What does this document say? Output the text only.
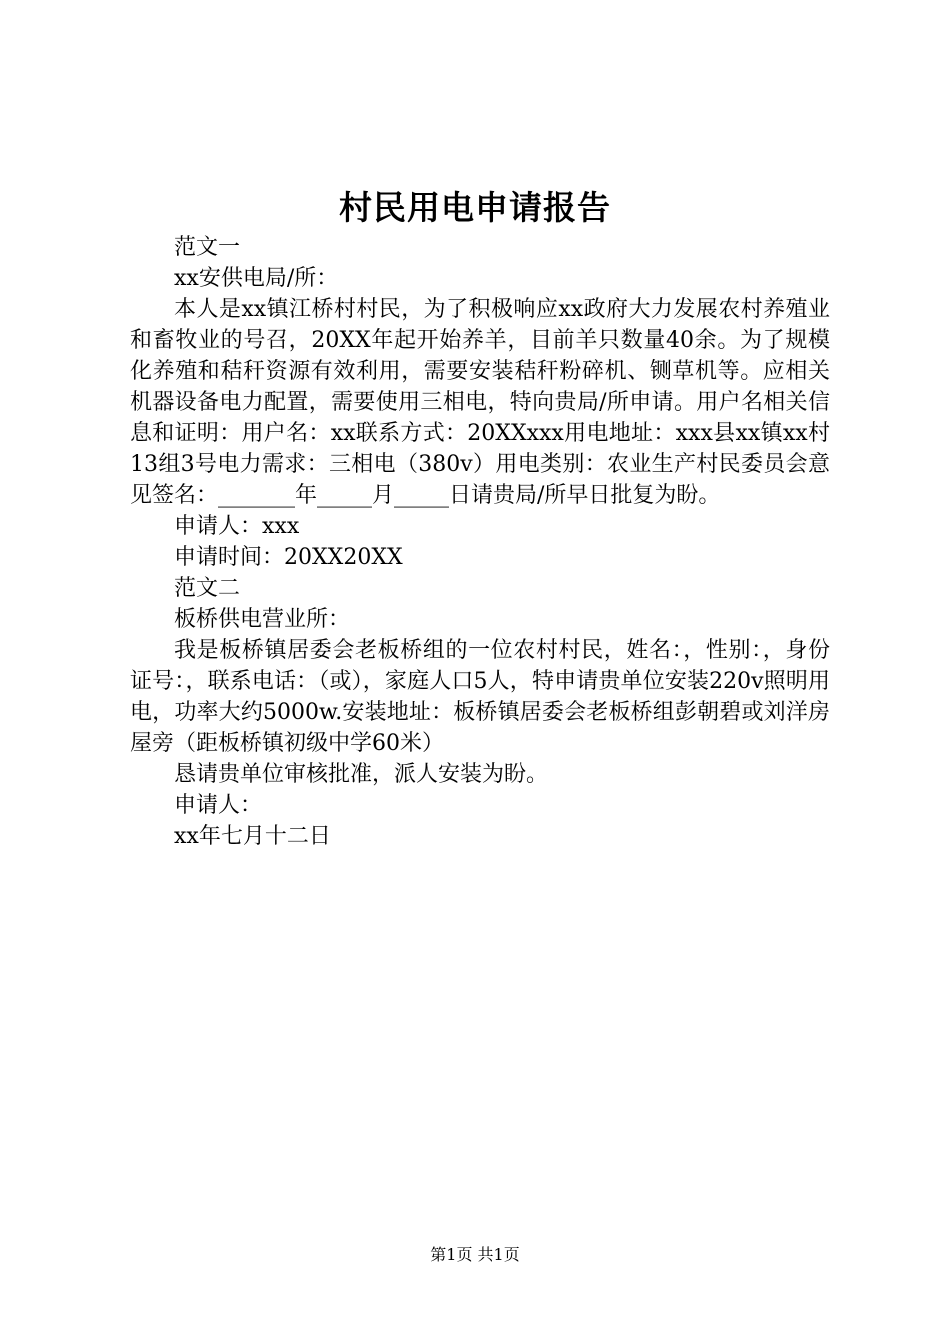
村民用电申请报告

范文一

xx安供电局/所：

本人是xx镇江桥村村民，为了积极响应xx政府大力发展农村养殖业和畜牧业的号召，20XX年起开始养羊，目前羊只数量40余。为了规模化养殖和秸秆资源有效利用，需要安装秸秆粉碎机、铡草机等。应相关机器设备电力配置，需要使用三相电，特向贵局/所申请。用户名相关信息和证明：用户名：xx联系方式：20XXxxx用电地址：xxx县xx镇xx村13组3号电力需求：三相电（380v）用电类别：农业生产村民委员会意见签名：_______年_____月_____日请贵局/所早日批复为盼。

申请人：xxx

申请时间：20XX20XX

范文二

板桥供电营业所：

我是板桥镇居委会老板桥组的一位农村村民，姓名：，性别：，身份证号：，联系电话：（或），家庭人口5人，特申请贵单位安装220v照明用电，功率大约5000w.安装地址：板桥镇居委会老板桥组彭朝碧或刘洋房屋旁（距板桥镇初级中学60米）

恳请贵单位审核批准，派人安装为盼。

申请人：

xx年七月十二日

第1页 共1页
